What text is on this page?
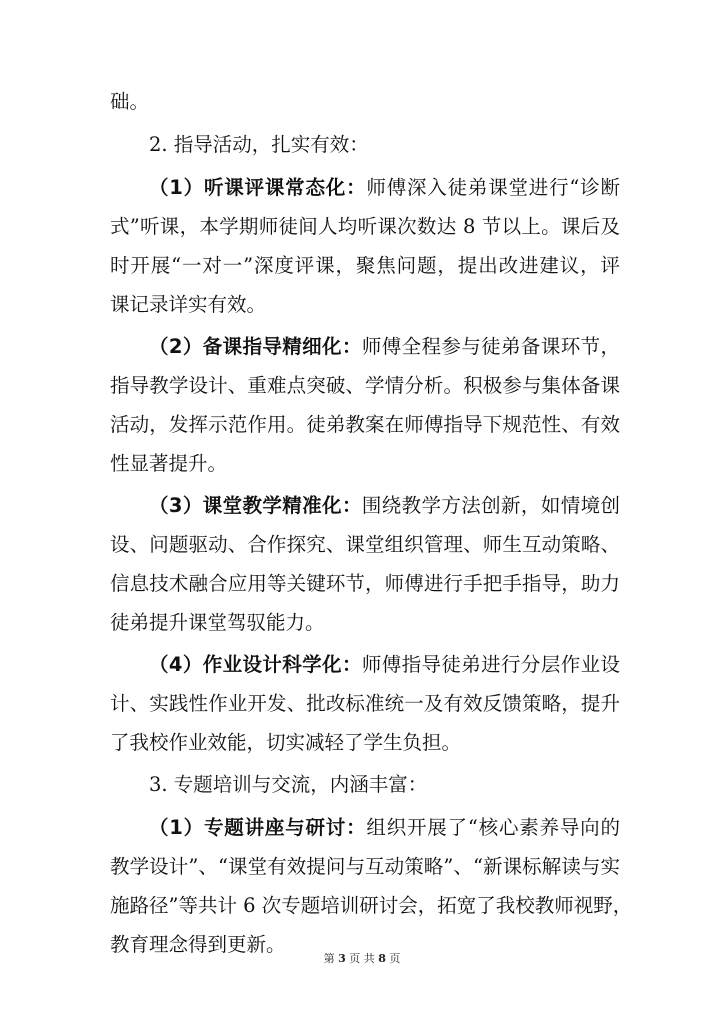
础。
2. 指导活动，扎实有效：
（1）听课评课常态化：师傅深入徒弟课堂进行“诊断
式”听课，本学期师徒间人均听课次数达 8 节以上。课后及
时开展“一对一”深度评课，聚焦问题，提出改进建议，评
课记录详实有效。
（2）备课指导精细化：师傅全程参与徒弟备课环节，
指导教学设计、重难点突破、学情分析。积极参与集体备课
活动，发挥示范作用。徒弟教案在师傅指导下规范性、有效
性显著提升。
（3）课堂教学精准化：围绕教学方法创新，如情境创
设、问题驱动、合作探究、课堂组织管理、师生互动策略、
信息技术融合应用等关键环节，师傅进行手把手指导，助力
徒弟提升课堂驾驭能力。
（4）作业设计科学化：师傅指导徒弟进行分层作业设
计、实践性作业开发、批改标准统一及有效反馈策略，提升
了我校作业效能，切实减轻了学生负担。
3. 专题培训与交流，内涵丰富：
（1）专题讲座与研讨：组织开展了“核心素养导向的
教学设计”、“课堂有效提问与互动策略”、“新课标解读与实
施路径”等共计 6 次专题培训研讨会，拓宽了我校教师视野，
教育理念得到更新。
第 3 页 共 8 页
